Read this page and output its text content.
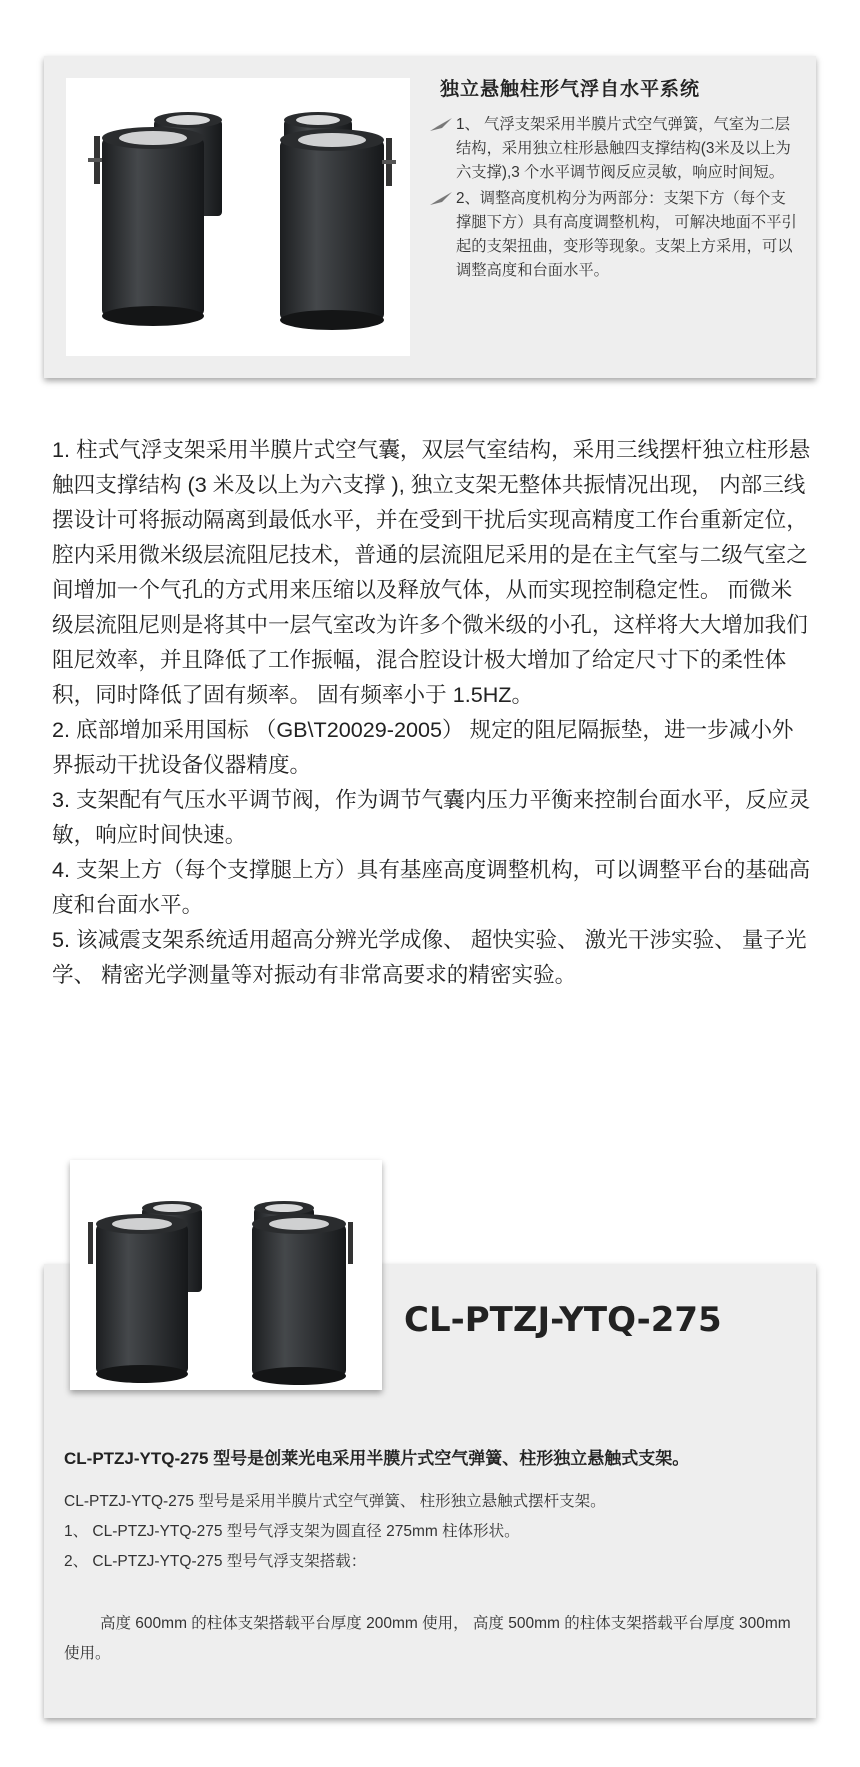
独立悬触柱形气浮自水平系统
1、 气浮支架采用半膜片式空气弹簧，气室为二层结构，采用独立柱形悬触四支撑结构(3米及以上为六支撑),3 个水平调节阀反应灵敏，响应时间短。
2、调整高度机构分为两部分：支架下方（每个支撑腿下方）具有高度调整机构， 可解决地面不平引起的支架扭曲，变形等现象。支架上方采用，可以调整高度和台面水平。

1. 柱式气浮支架采用半膜片式空气囊，双层气室结构，采用三线摆杆独立柱形悬触四支撑结构 (3 米及以上为六支撑 ), 独立支架无整体共振情况出现， 内部三线摆设计可将振动隔离到最低水平，并在受到干扰后实现高精度工作台重新定位，腔内采用微米级层流阻尼技术，普通的层流阻尼采用的是在主气室与二级气室之间增加一个气孔的方式用来压缩以及释放气体，从而实现控制稳定性。 而微米级层流阻尼则是将其中一层气室改为许多个微米级的小孔，这样将大大增加我们阻尼效率，并且降低了工作振幅，混合腔设计极大增加了给定尺寸下的柔性体积，同时降低了固有频率。 固有频率小于 1.5HZ。

2. 底部增加采用国标 （GB\T20029-2005） 规定的阻尼隔振垫，进一步减小外界振动干扰设备仪器精度。

3. 支架配有气压水平调节阀，作为调节气囊内压力平衡来控制台面水平，反应灵敏，响应时间快速。

4. 支架上方（每个支撑腿上方）具有基座高度调整机构，可以调整平台的基础高度和台面水平。

5. 该减震支架系统适用超高分辨光学成像、 超快实验、 激光干涉实验、 量子光学、 精密光学测量等对振动有非常高要求的精密实验。

CL-PTZJ-YTQ-275

CL-PTZJ-YTQ-275 型号是创莱光电采用半膜片式空气弹簧、柱形独立悬触式支架。

CL-PTZJ-YTQ-275 型号是采用半膜片式空气弹簧、 柱形独立悬触式摆杆支架。

1、 CL-PTZJ-YTQ-275 型号气浮支架为圆直径 275mm 柱体形状。

2、 CL-PTZJ-YTQ-275 型号气浮支架搭载：

高度 600mm 的柱体支架搭载平台厚度 200mm 使用， 高度 500mm 的柱体支架搭载平台厚度 300mm 使用。
